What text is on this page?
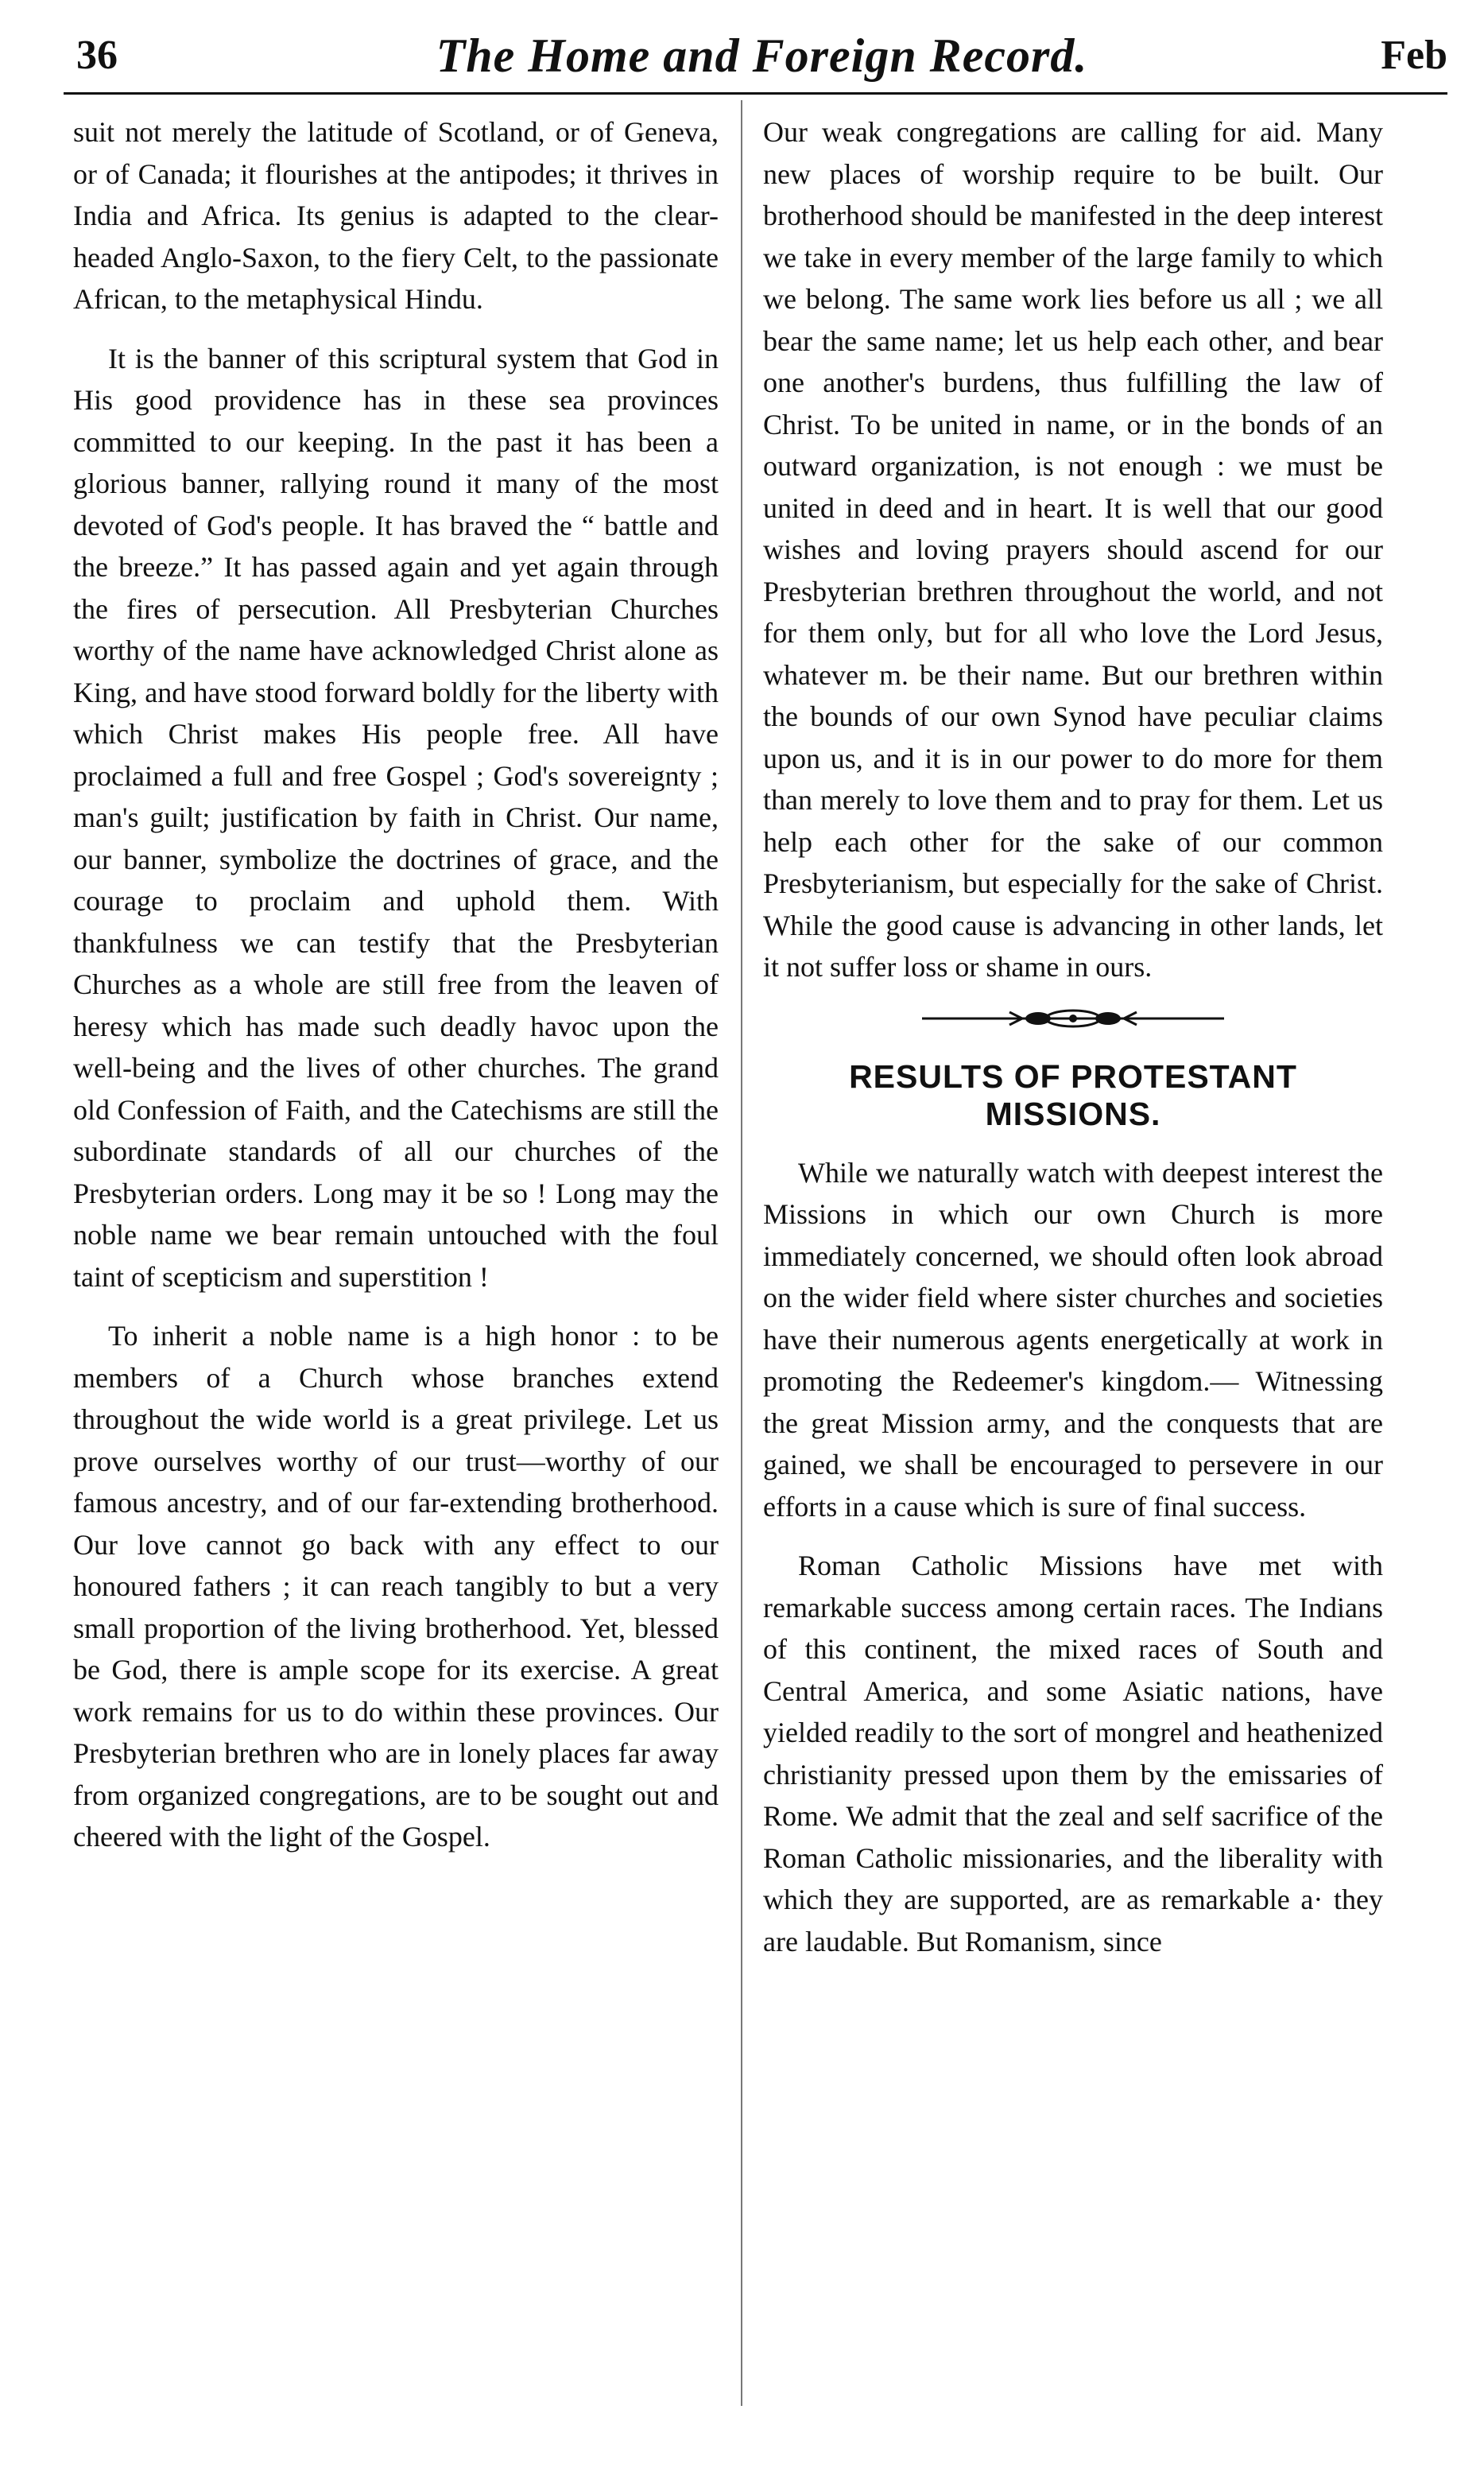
36	The Home and Foreign Record.	Feb

suit not merely the latitude of Scotland, or of Geneva, or of Canada; it flourishes at the antipodes; it thrives in India and Africa. Its genius is adapted to the clear-headed Anglo-Saxon, to the fiery Celt, to the passionate African, to the metaphysical Hindu.

It is the banner of this scriptural system that God in His good providence has in these sea provinces committed to our keeping. In the past it has been a glorious banner, rallying round it many of the most devoted of God's people. It has braved the “ battle and the breeze.” It has passed again and yet again through the fires of persecution. All Presbyterian Churches worthy of the name have acknowledged Christ alone as King, and have stood forward boldly for the liberty with which Christ makes His people free. All have proclaimed a full and free Gospel ; God's sovereignty ; man's guilt; justification by faith in Christ. Our name, our banner, symbolize the doctrines of grace, and the courage to proclaim and uphold them. With thankfulness we can testify that the Presbyterian Churches as a whole are still free from the leaven of heresy which has made such deadly havoc upon the well-being and the lives of other churches. The grand old Confession of Faith, and the Catechisms are still the subordinate standards of all our churches of the Presbyterian orders. Long may it be so ! Long may the noble name we bear remain untouched with the foul taint of scepticism and superstition !

To inherit a noble name is a high honor : to be members of a Church whose branches extend throughout the wide world is a great privilege. Let us prove ourselves worthy of our trust—worthy of our famous ancestry, and of our far-extending brotherhood. Our love cannot go back with any effect to our honoured fathers ; it can reach tangibly to but a very small proportion of the living brotherhood. Yet, blessed be God, there is ample scope for its exercise. A great work remains for us to do within these provinces. Our Presbyterian brethren who are in lonely places far away from organized congregations, are to be sought out and cheered with the light of the Gospel.

Our weak congregations are calling for aid. Many new places of worship require to be built. Our brotherhood should be manifested in the deep interest we take in every member of the large family to which we belong. The same work lies before us all ; we all bear the same name; let us help each other, and bear one another's burdens, thus fulfilling the law of Christ. To be united in name, or in the bonds of an outward organization, is not enough : we must be united in deed and in heart. It is well that our good wishes and loving prayers should ascend for our Presbyterian brethren throughout the world, and not for them only, but for all who love the Lord Jesus, whatever m. be their name. But our brethren within the bounds of our own Synod have peculiar claims upon us, and it is in our power to do more for them than merely to love them and to pray for them. Let us help each other for the sake of our common Presbyterianism, but especially for the sake of Christ. While the good cause is advancing in other lands, let it not suffer loss or shame in ours.

RESULTS OF PROTESTANT MISSIONS.

While we naturally watch with deepest interest the Missions in which our own Church is more immediately concerned, we should often look abroad on the wider field where sister churches and societies have their numerous agents energetically at work in promoting the Redeemer's kingdom.— Witnessing the great Mission army, and the conquests that are gained, we shall be encouraged to persevere in our efforts in a cause which is sure of final success.

Roman Catholic Missions have met with remarkable success among certain races. The Indians of this continent, the mixed races of South and Central America, and some Asiatic nations, have yielded readily to the sort of mongrel and heathenized christianity pressed upon them by the emissaries of Rome. We admit that the zeal and self sacrifice of the Roman Catholic missionaries, and the liberality with which they are supported, are as remarkable a· they are laudable. But Romanism, since
